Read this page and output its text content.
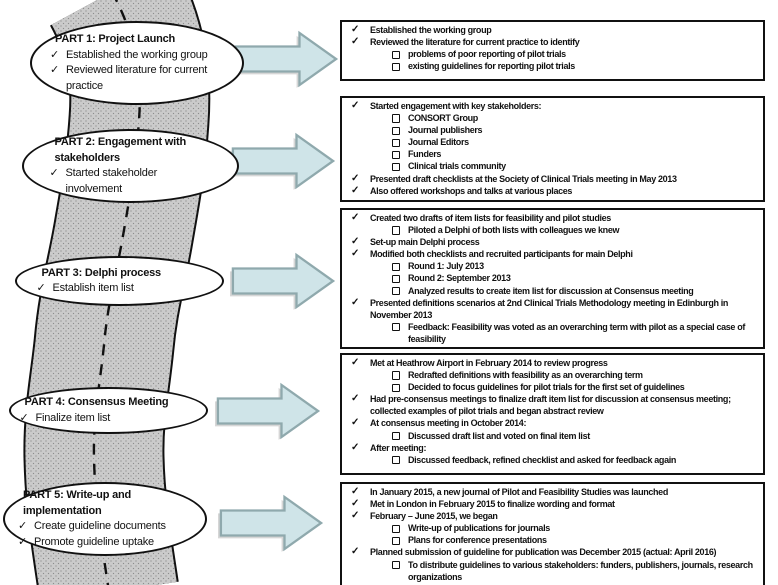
PART 1: Project Launch
✓ Established the working group
✓ Reviewed literature for current practice
PART 2: Engagement with stakeholders
✓ Started stakeholder involvement
PART 3: Delphi process
✓ Establish item list
PART 4: Consensus Meeting
✓ Finalize item list
PART 5: Write-up and implementation
✓ Create guideline documents
✓ Promote guideline uptake
✓ Established the working group
✓ Reviewed the literature for current practice to identify
problems of poor reporting of pilot trials
existing guidelines for reporting pilot trials
✓ Started engagement with key stakeholders:
CONSORT Group
Journal publishers
Journal Editors
Funders
Clinical trials community
✓ Presented draft checklists at the Society of Clinical Trials meeting in May 2013
✓ Also offered workshops and talks at various places
✓ Created two drafts of item lists for feasibility and pilot studies
Piloted a Delphi of both lists with colleagues we knew
✓ Set-up main Delphi process
✓ Modified both checklists and recruited participants for main Delphi
Round 1: July 2013
Round 2: September 2013
Analyzed results to create item list for discussion at Consensus meeting
✓ Presented definitions scenarios at 2nd Clinical Trials Methodology meeting in Edinburgh in November 2013
Feedback: Feasibility was voted as an overarching term with pilot as a special case of feasibility
✓ Met at Heathrow Airport in February 2014 to review progress
Redrafted definitions with feasibility as an overarching term
Decided to focus guidelines for pilot trials for the first set of guidelines
✓ Had pre-consensus meetings to finalize draft item list for discussion at consensus meeting; collected examples of pilot trials and began abstract review
✓ At consensus meeting in October 2014:
Discussed draft list and voted on final item list
✓ After meeting:
Discussed feedback, refined checklist and asked for feedback again
✓ In January 2015, a new journal of Pilot and Feasibility Studies was launched
✓ Met in London in February 2015 to finalize wording and format
✓ February – June 2015, we began
Write-up of publications for journals
Plans for conference presentations
✓ Planned submission of guideline for publication was December 2015 (actual: April 2016)
To distribute guidelines to various stakeholders: funders, publishers, journals, research organizations
